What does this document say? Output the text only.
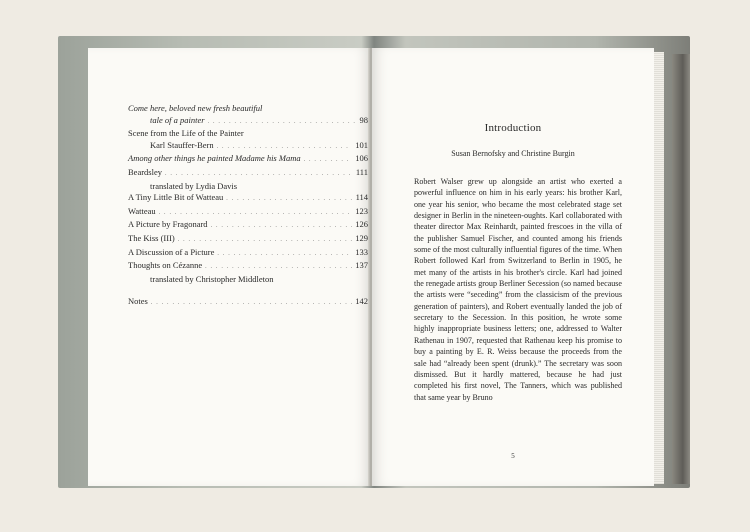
Come here, beloved new fresh beautiful
tale of a painter . . .	98
Scene from the Life of the Painter
Karl Stauffer-Bern . . .	101
Among other things he painted Madame his Mama . . .	106
Beardsley . . .	111
translated by Lydia Davis
A Tiny Little Bit of Watteau . . .	114
Watteau . . .	123
A Picture by Fragonard . . .	126
The Kiss (III) . . .	129
A Discussion of a Picture . . .	133
Thoughts on Cézanne . . .	137
translated by Christopher Middleton
Notes . . .	142
Introduction
Susan Bernofsky and Christine Burgin

Robert Walser grew up alongside an artist who exerted a powerful influence on him in his early years: his brother Karl, one year his senior, who became the most celebrated stage set designer in Berlin in the nineteen-oughts. Karl collaborated with theater director Max Reinhardt, painted frescoes in the villa of the publisher Samuel Fischer, and counted among his friends some of the most culturally influential figures of the time. When Robert followed Karl from Switzerland to Berlin in 1905, he met many of the artists in his brother's circle. Karl had joined the renegade artists group Berliner Secession (so named because the artists were “seceding” from the classicism of the previous generation of painters), and Robert eventually landed the job of secretary to the Secession. In this position, he wrote some highly inappropriate business letters; one, addressed to Walter Rathenau in 1907, requested that Rathenau keep his promise to buy a painting by E. R. Weiss because the proceeds from the sale had “already been spent (drunk).” The secretary was soon dismissed. But it hardly mattered, because he had just completed his first novel, The Tanners, which was published that same year by Bruno

5
